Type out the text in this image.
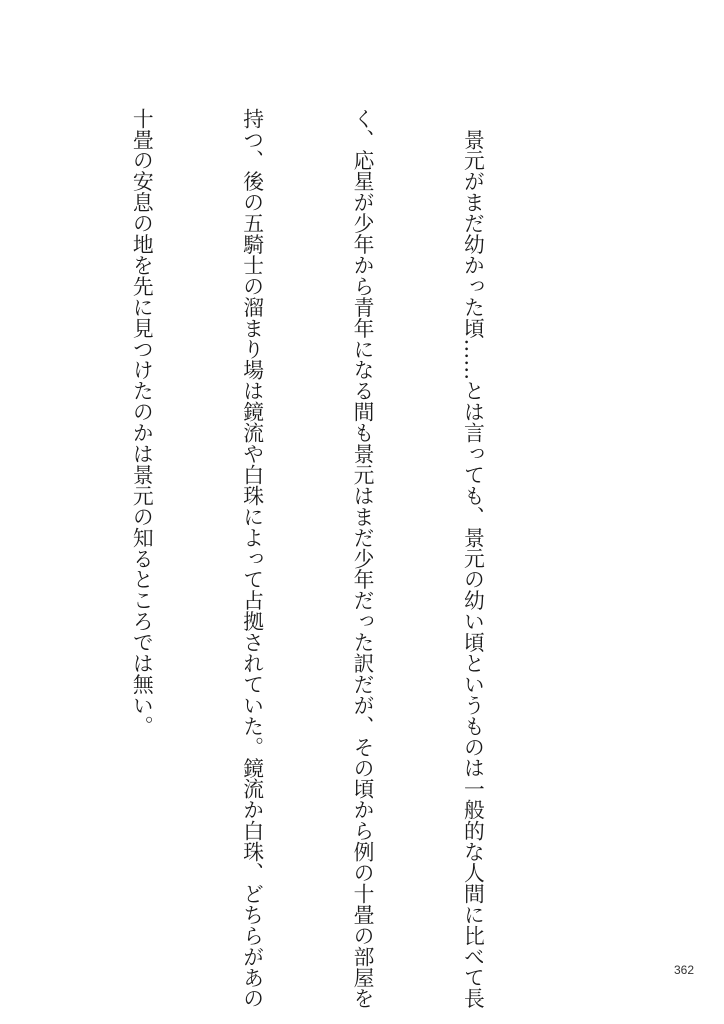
　景元がまだ幼かった頃……とは言っても、景元の幼い頃というものは一般的な人間に比べて長

く、応星が少年から青年になる間も景元はまだ少年だった訳だが、その頃から例の十畳の部屋を

持つ、後の五騎士の溜まり場は鏡流や白珠によって占拠されていた。鏡流か白珠、どちらがあの

十畳の安息の地を先に見つけたのかは景元の知るところでは無い。

362
